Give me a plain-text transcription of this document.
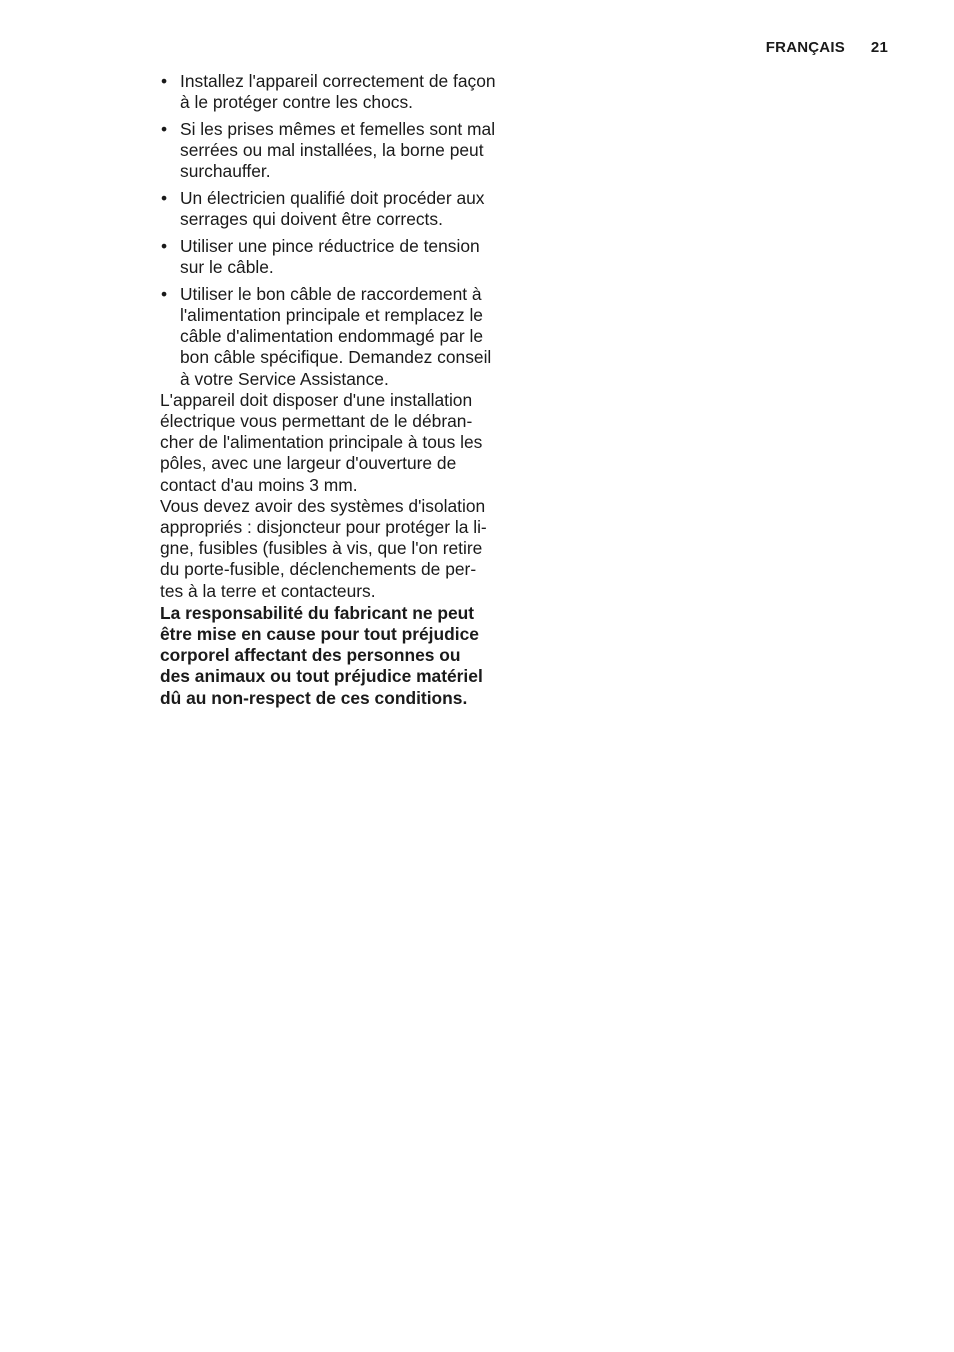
FRANÇAIS 21
• Installez l'appareil correctement de façon
à le protéger contre les chocs.
• Si les prises mêmes et femelles sont mal
serrées ou mal installées, la borne peut
surchauffer.
• Un électricien qualifié doit procéder aux
serrages qui doivent être corrects.
• Utiliser une pince réductrice de tension
sur le câble.
• Utiliser le bon câble de raccordement à
l'alimentation principale et remplacez le
câble d'alimentation endommagé par le
bon câble spécifique. Demandez conseil
à votre Service Assistance.

L'appareil doit disposer d'une installation
électrique vous permettant de le débran-
cher de l'alimentation principale à tous les
pôles, avec une largeur d'ouverture de
contact d'au moins 3 mm.

Vous devez avoir des systèmes d'isolation
appropriés : disjoncteur pour protéger la li-
gne, fusibles (fusibles à vis, que l'on retire
du porte-fusible, déclenchements de per-
tes à la terre et contacteurs.

La responsabilité du fabricant ne peut
être mise en cause pour tout préjudice
corporel affectant des personnes ou
des animaux ou tout préjudice matériel
dû au non-respect de ces conditions.
